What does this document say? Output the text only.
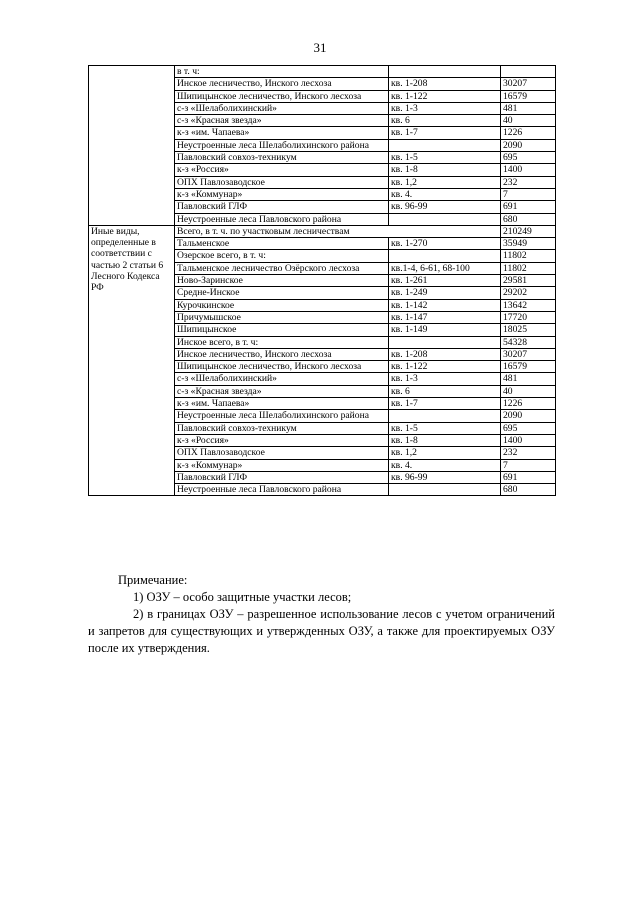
31
	в т. ч:		
	Инское лесничество, Инского лесхоза	кв. 1-208	30207
	Шипицынское лесничество, Инского лесхоза	кв. 1-122	16579
	с-з «Шелаболихинский»	кв. 1-3	481
	с-з «Красная звезда»	кв. 6	40
	к-з «им. Чапаева»	кв. 1-7	1226

	Неустроенные леса Шелаболихинского района		2090
	Павловский совхоз-техникум	кв. 1-5	695
	к-з «Россия»	кв. 1-8	1400
	ОПХ Павлозаводское	кв. 1,2	232
	к-з «Коммунар»	кв. 4.	7
	Павловский ГЛФ	кв. 96-99	691
	Неустроенные леса Павловского района		680
Иные виды, определенные в соответствии с частью 2 статьи 6 Лесного Кодекса РФ	Всего, в т. ч. по участковым лесничествам		210249
	Тальменское	кв. 1-270	35949
	Озерское всего, в т. ч:		11802
	Тальменское лесничество Озёрского лесхоза	кв.1-4, 6-61, 68-100	11802
	Ново-Заринское	кв. 1-261	29581
	Средне-Инское	кв. 1-249	29202
	Курочкинское	кв. 1-142	13642
	Причумышское	кв. 1-147	17720
	Шипицынское	кв. 1-149	18025
	Инское всего, в т. ч:		54328
	Инское лесничество, Инского лесхоза	кв. 1-208	30207
	Шипицынское лесничество, Инского лесхоза	кв. 1-122	16579
	с-з «Шелаболихинский»	кв. 1-3	481
	с-з «Красная звезда»	кв. 6	40
	к-з «им. Чапаева»	кв. 1-7	1226

	Неустроенные леса Шелаболихинского района		2090
	Павловский совхоз-техникум	кв. 1-5	695
	к-з «Россия»	кв. 1-8	1400
	ОПХ Павлозаводское	кв. 1,2	232
	к-з «Коммунар»	кв. 4.	7
	Павловский ГЛФ	кв. 96-99	691
	Неустроенные леса Павловского района		680
Примечание:
1) ОЗУ – особо защитные участки лесов;
2) в границах ОЗУ – разрешенное использование лесов с учетом ограничений и запретов для существующих и утвержденных ОЗУ, а также для проектируемых ОЗУ после их утверждения.
